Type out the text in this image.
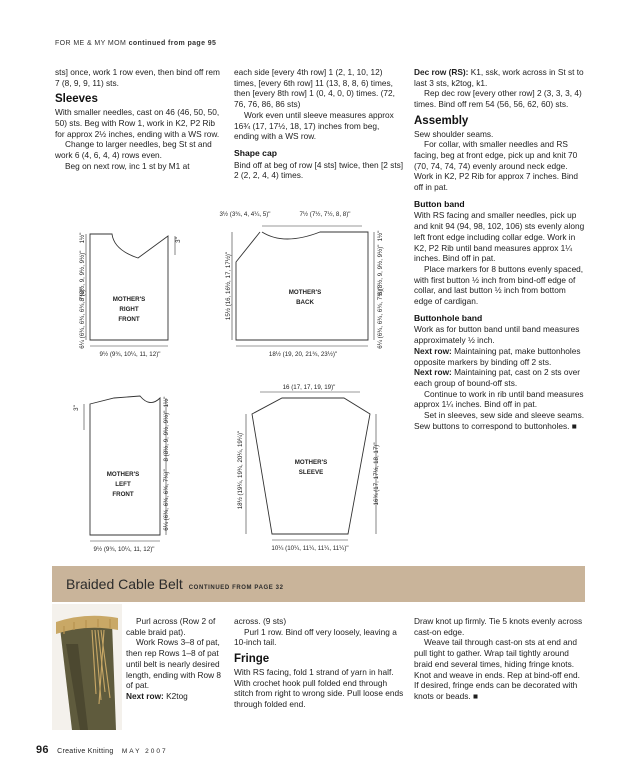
FOR ME & MY MOM continued from page 95

sts] once, work 1 row even, then bind off rem 7 (8, 9, 9, 11) sts.

Sleeves

With smaller needles, cast on 46 (46, 50, 50, 50) sts. Beg with Row 1, work in K2, P2 Rib for approx 2½ inches, ending with a WS row.

Change to larger needles, beg St st and work 6 (4, 6, 4, 4) rows even.

Beg on next row, inc 1 st by M1 at

each side [every 4th row] 1 (2, 1, 10, 12) times, [every 6th row] 11 (13, 8, 8, 6) times, then [every 8th row] 1 (0, 4, 0, 0) times. (72, 76, 76, 86, 86 sts)

Work even until sleeve measures approx 16¾ (17, 17½, 18, 17) inches from beg, ending with a WS row.

Shape cap

Bind off at beg of row [4 sts] twice, then [2 sts] 2 (2, 2, 4, 4) times.

Dec row (RS): K1, ssk, work across in St st to last 3 sts, k2tog, k1.

Rep dec row [every other row] 2 (3, 3, 3, 4) times. Bind off rem 54 (56, 56, 62, 60) sts.

Assembly

Sew shoulder seams.

For collar, with smaller needles and RS facing, beg at front edge, pick up and knit 70 (70, 74, 74, 74) evenly around neck edge. Work in K2, P2 Rib for approx 7 inches. Bind off in pat.

Button band

With RS facing and smaller needles, pick up and knit 94 (94, 98, 102, 106) sts evenly along left front edge including collar edge. Work in K2, P2 Rib until band measures approx 1¼ inches. Bind off in pat.

Place markers for 8 buttons evenly spaced, with first button ½ inch from bind-off edge of collar, and last button ½ inch from bottom edge of cardigan.

Buttonhole band

Work as for button band until band measures approximately ½ inch.

Next row: Maintaining pat, make buttonholes opposite markers by binding off 2 sts.

Next row: Maintaining pat, cast on 2 sts over each group of bound-off sts.

Continue to work in rib until band measures approx 1¼ inches. Bind off in pat.

Set in sleeves, sew side and sleeve seams. Sew buttons to correspond to buttonholes. ■

MOTHER'S
RIGHT
FRONT
MOTHER'S
BACK
MOTHER'S
LEFT
FRONT
MOTHER'S
SLEEVE
9½ (9¾, 10¼, 11, 12)"
3"
1½"
8 (8½, 9, 9½, 9½)"
6¼ (6¾, 6¾, 6¾, 7¼)"
3½ (3¾, 4, 4¼, 5)"	7½ (7½, 7½, 8, 8)"
15½ (16, 16½, 17, 17½)"
18½ (19, 20, 21¾, 23½)"
1½"
8 (8½, 9, 9½, 9½)"
6¼ (6¾, 6¾, 6¾, 7¼)"
3"
1½"
8 (8½, 9, 9½, 9½)"
6¼ (6¾, 6¾, 6¾, 7¼)"
9½ (9¾, 10¼, 11, 12)"
16 (17, 17, 19, 19)"
18½ (19¼, 19¾, 20¼, 19¼)"	16¾ (17, 17½, 18, 17)"
10¼ (10¼, 11¼, 11¼, 11¼)"
Braided Cable Belt CONTINUED FROM PAGE 32

Purl across (Row 2 of cable braid pat).

Work Rows 3–8 of pat, then rep Rows 1–8 of pat until belt is nearly desired length, ending with Row 8 of pat.

Next row: K2tog

across. (9 sts)

Purl 1 row. Bind off very loosely, leaving a 10-inch tail.

Fringe

With RS facing, fold 1 strand of yarn in half. With crochet hook pull folded end through stitch from right to wrong side. Pull loose ends through folded end.

Draw knot up firmly. Tie 5 knots evenly across cast-on edge.

Weave tail through cast-on sts at end and pull tight to gather. Wrap tail tightly around braid end several times, hiding fringe knots. Knot and weave in ends. Rep at bind-off end. If desired, fringe ends can be decorated with knots or beads. ■

96 Creative Knitting MAY 2007
